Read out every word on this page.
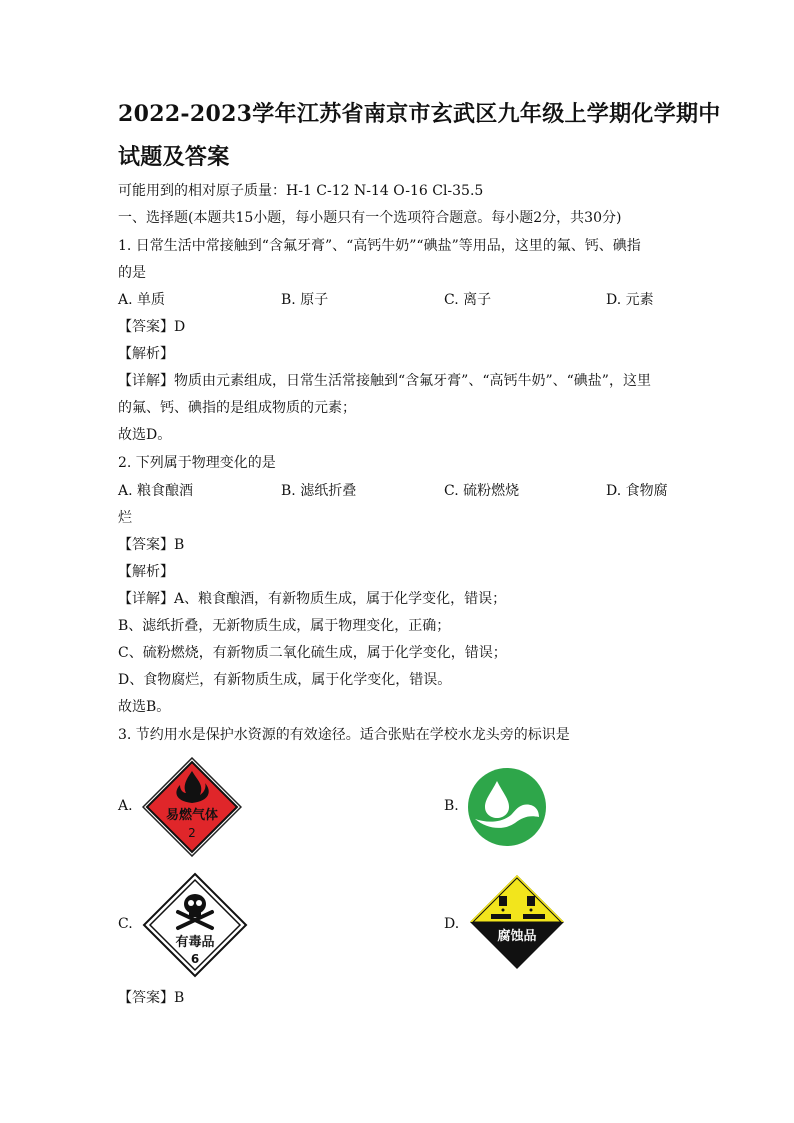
2022-2023学年江苏省南京市玄武区九年级上学期化学期中
试题及答案
可能用到的相对原子质量：H-1 C-12 N-14 O-16 Cl-35.5
一、选择题(本题共15小题，每小题只有一个选项符合题意。每小题2分，共30分)
1. 日常生活中常接触到“含氟牙膏”、“高钙牛奶”“碘盐”等用品，这里的氟、钙、碘指
的是
A. 单质	B. 原子	C. 离子	D. 元素
【答案】D
【解析】
【详解】物质由元素组成，日常生活常接触到“含氟牙膏”、“高钙牛奶”、“碘盐”，这里
的氟、钙、碘指的是组成物质的元素；
故选D。
2. 下列属于物理变化的是
A. 粮食酿酒	B. 滤纸折叠	C. 硫粉燃烧	D. 食物腐
烂
【答案】B
【解析】
【详解】A、粮食酿酒，有新物质生成，属于化学变化，错误；
B、滤纸折叠，无新物质生成，属于物理变化，正确；
C、硫粉燃烧，有新物质二氧化硫生成，属于化学变化，错误；
D、食物腐烂，有新物质生成，属于化学变化，错误。
故选B。
3. 节约用水是保护水资源的有效途径。适合张贴在学校水龙头旁的标识是
A.	B.
C.	D.
易燃气体
2
有毒品
6
腐蚀品
【答案】B
